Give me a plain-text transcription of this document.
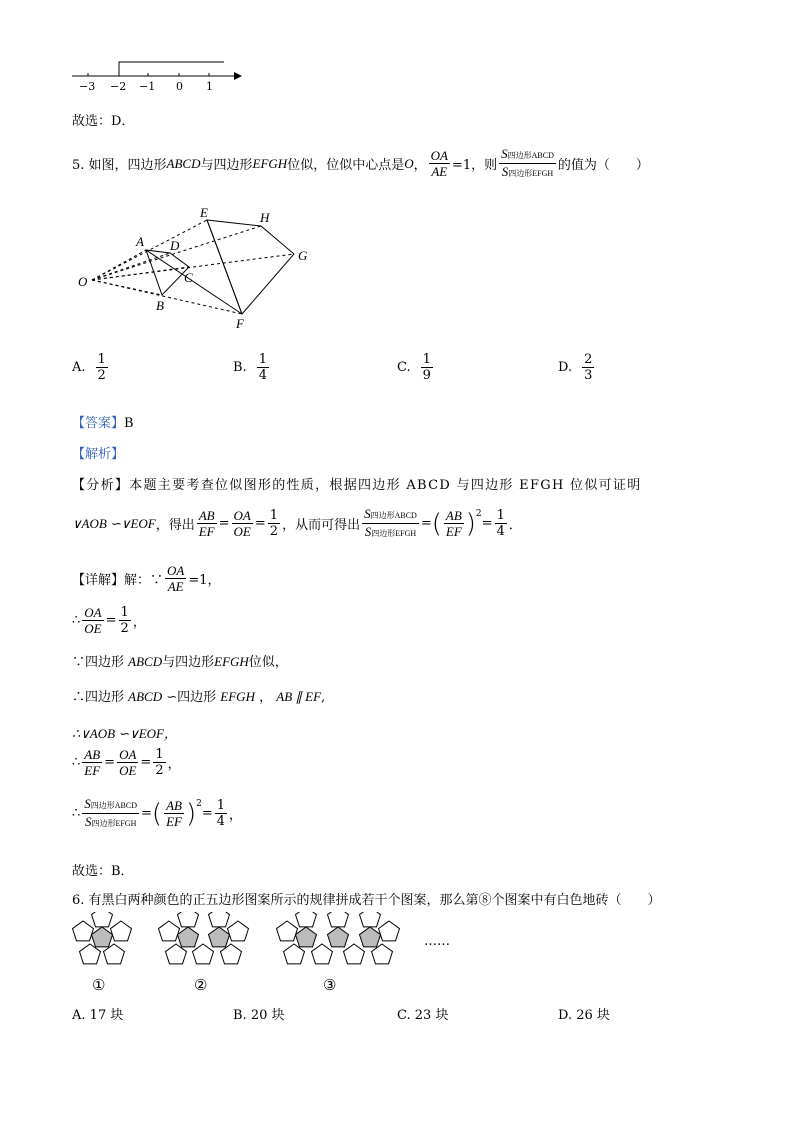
−3 −2 −1 0 1
故选：D．
5. 如图，四边形 ABCD 与四边形 EFGH 位似，位似中心点是 O ， $\frac{OA}{AE} =1$，则 $\frac{\text{S四边形ABCD}}{\text{S四边形EFGH}}$ 的值为（　　）
O
A D
C
B
E	H
G
F
A. $\frac{1}{2}$	B. $\frac{1}{4}$	C. $\frac{1}{9}$	D. $\frac{2}{3}$
【答案】B
【解析】
【分析】本题主要考查位似图形的性质，根据四边形 ABCD 与四边形 EFGH 位似可证明
∨AOB ∽∨EOF ，得出 $\frac{AB}{EF} = \frac{OA}{OE} = \frac{1}{2}$ ，从而可得出 $\frac{\text{S四边形ABCD}}{\text{S四边形EFGH}}$ = ( $\frac{AB}{EF}$ ) 2
= $\frac{1}{4}$ ．
【详解】解：∵ $\frac{OA}{AE} =1$，
∴ $\frac{OA}{OE} = \frac{1}{2}$ ，
∵四边形 ABCD与四边形EFGH位似，
∴四边形 ABCD ∽四边形 EFGH ， AB ∥ EF,
∴∨AOB ∽∨EOF，
∴ $\frac{AB}{EF} = \frac{OA}{OE} = \frac{1}{2}$ ，
∴ $\frac{\text{S四边形ABCD}}{\text{S四边形EFGH}}$ = ( $\frac{AB}{EF}$ ) 2
= $\frac{1}{4}$ ，
故选：B．
6. 有黑白两种颜色的正五边形图案所示的规律拼成若干个图案，那么第⑧个图案中有白色地砖（　　）
……
①	②	③
A. 17 块	B. 20 块	C. 23 块	D. 26 块
